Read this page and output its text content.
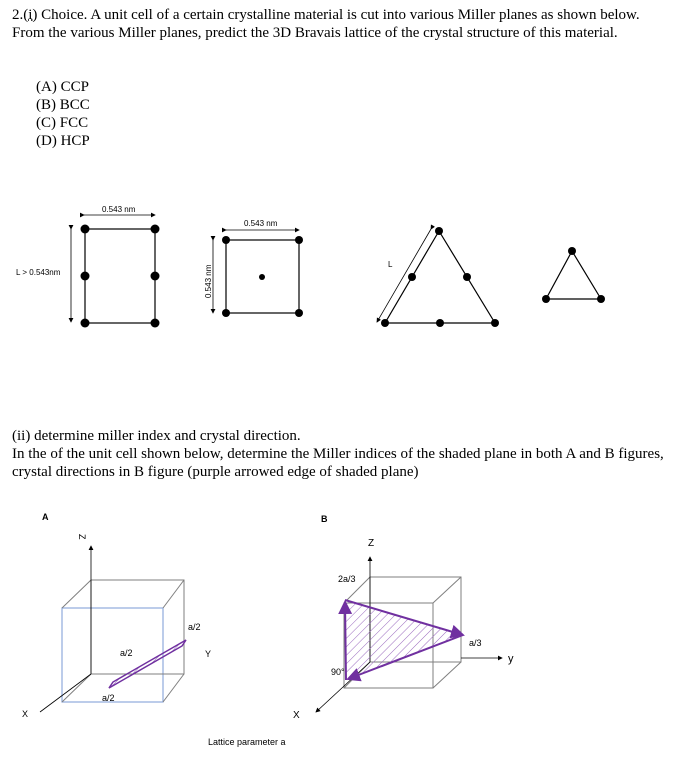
2.(i) Choice. A unit cell of a certain crystalline material is cut into various Miller planes as shown below. From the various Miller planes, predict the 3D Bravais lattice of the crystal structure of this material.
(A) CCP
(B) BCC
(C) FCC
(D) HCP
(ii) determine miller index and crystal direction.
In the of the unit cell shown below, determine the Miller indices of the shaded plane in both A and B figures, crystal directions in B figure (purple arrowed edge of shaded plane)
0.543 nm
L > 0.543nm
0.543 nm
0.543 nm
L
A
Z
X
Y
a/2
a/2
a/2
B
Z
X
y
2a/3
a/3
90°
Lattice parameter a
